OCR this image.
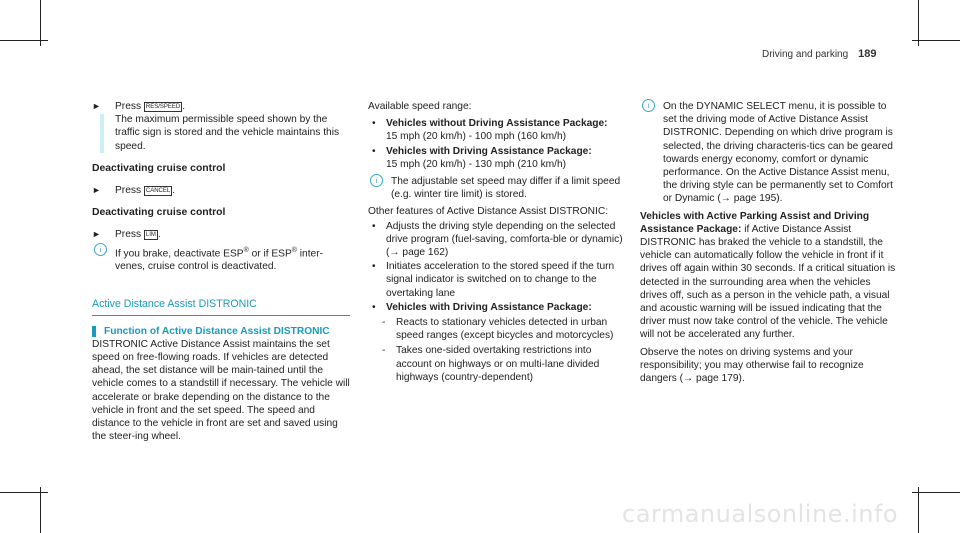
Driving and parking 189
► Press RES/SPEED .

The maximum permissible speed shown by the traffic sign is stored and the vehicle maintains this speed.

Deactivating cruise control
► Press CANCEL .
Deactivating cruise control
► Press LIM .
i	If you brake, deactivate ESP® or if ESP® inter-venes, cruise control is deactivated.
Active Distance Assist DISTRONIC
Function of Active Distance Assist DISTRONIC

DISTRONIC Active Distance Assist maintains the set speed on free-flowing roads. If vehicles are detected ahead, the set distance will be main-tained until the vehicle comes to a standstill if necessary. The vehicle will accelerate or brake depending on the distance to the vehicle in front and the set speed. The speed and distance to the vehicle in front are set and saved using the steer-ing wheel.

Available speed range:

• Vehicles without Driving Assistance Package:
15 mph (20 km/h) - 100 mph (160 km/h)
• Vehicles with Driving Assistance Package:
15 mph (20 km/h) - 130 mph (210 km/h)
i	The adjustable set speed may differ if a limit speed (e.g. winter tire limit) is stored.

Other features of Active Distance Assist DISTRONIC:

• Adjusts the driving style depending on the selected drive program (fuel-saving, comforta-ble or dynamic) (→ page 162)
• Initiates acceleration to the stored speed if the turn signal indicator is switched on to change to the overtaking lane
• Vehicles with Driving Assistance Package:
- Reacts to stationary vehicles detected in urban speed ranges (except bicycles and motorcycles)
- Takes one-sided overtaking restrictions into account on highways or on multi-lane divided highways (country-dependent)
i	On the DYNAMIC SELECT menu, it is possible to set the driving mode of Active Distance Assist DISTRONIC. Depending on which drive program is selected, the driving characteris-tics can be geared towards energy economy, comfort or dynamic performance. On the Active Distance Assist menu, the driving style can be permanently set to Comfort or Dynamic (→ page 195).

Vehicles with Active Parking Assist and Driving Assistance Package: if Active Distance Assist DISTRONIC has braked the vehicle to a standstill, the vehicle can automatically follow the vehicle in front if it drives off again within 30 seconds. If a critical situation is detected in the surrounding area when the vehicles drives off, such as a person in the vehicle path, a visual and acoustic warning will be issued indicating that the driver must now take control of the vehicle. The vehicle will not be accelerated any further.

Observe the notes on driving systems and your responsibility; you may otherwise fail to recognize dangers (→ page 179).

carmanualsonline.info
